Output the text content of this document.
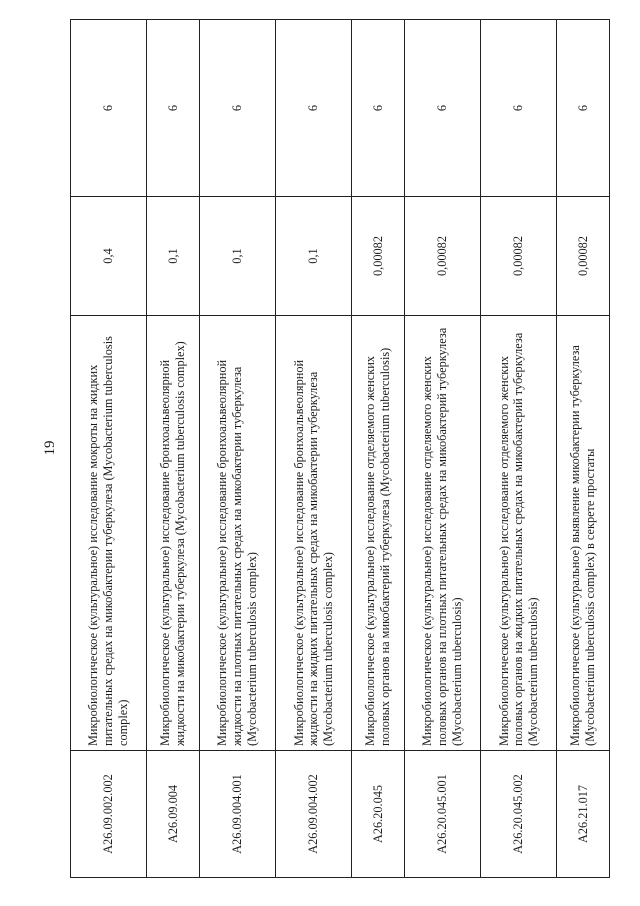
19
A26.09.002.002	Микробиологическое (культуральное) исследование мокроты на жидких питательных средах на микобактерии туберкулеза (Mycobacterium tuberculosis complex)	0,4	6
A26.09.004	Микробиологическое (культуральное) исследование бронхоальвеолярной жидкости на микобактерии туберкулеза (Mycobacterium tuberculosis complex)	0,1	6
A26.09.004.001	Микробиологическое (культуральное) исследование бронхоальвеолярной жидкости на плотных питательных средах на микобактерии туберкулеза (Mycobacterium tuberculosis complex)	0,1	6
A26.09.004.002	Микробиологическое (культуральное) исследование бронхоальвеолярной жидкости на жидких питательных средах на микобактерии туберкулеза (Mycobacterium tuberculosis complex)	0,1	6
A26.20.045	Микробиологическое (культуральное) исследование отделяемого женских половых органов на микобактерий туберкулеза (Mycobacterium tuberculosis)	0,00082	6
A26.20.045.001	Микробиологическое (культуральное) исследование отделяемого женских половых органов на плотных питательных средах на микобактерий туберкулеза (Mycobacterium tuberculosis)	0,00082	6
A26.20.045.002	Микробиологическое (культуральное) исследование отделяемого женских половых органов на жидких питательных средах на микобактерий туберкулеза (Mycobacterium tuberculosis)	0,00082	6
A26.21.017	Микробиологическое (культуральное) выявление микобактерии туберкулеза (Mycobacterium tuberculosis complex) в секрете простаты	0,00082	6
